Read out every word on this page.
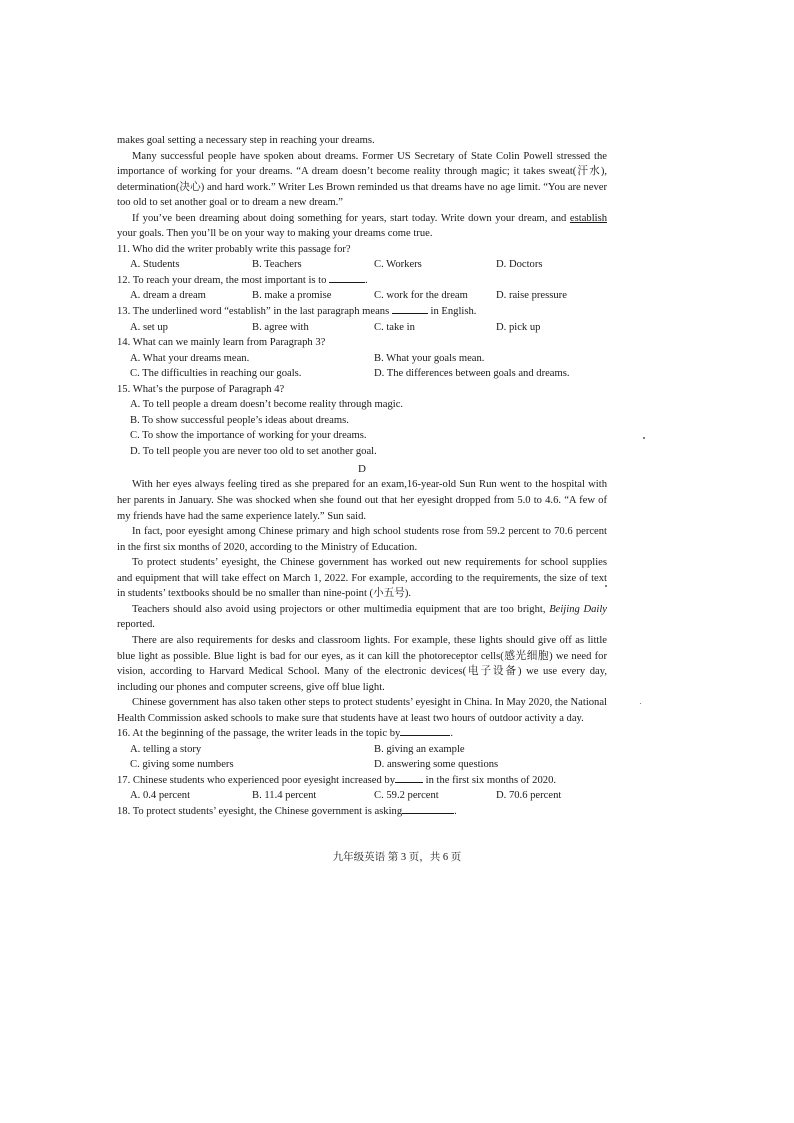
makes goal setting a necessary step in reaching your dreams.

Many successful people have spoken about dreams. Former US Secretary of State Colin Powell stressed the importance of working for your dreams. “A dream doesn’t become reality through magic; it takes sweat(汗水), determination(决心) and hard work.” Writer Les Brown reminded us that dreams have no age limit. “You are never too old to set another goal or to dream a new dream.”

If you’ve been dreaming about doing something for years, start today. Write down your dream, and establish your goals. Then you’ll be on your way to making your dreams come true.

11. Who did the writer probably write this passage for?

A. Students	B. Teachers	C. Workers	D. Doctors

12. To reach your dream, the most important is to	.

A. dream a dream	B. make a promise	C. work for the dream	D. raise pressure

13. The underlined word “establish” in the last paragraph means	in English.

A. set up	B. agree with	C. take in	D. pick up

14. What can we mainly learn from Paragraph 3?

A. What your dreams mean.	B. What your goals mean.
C. The difficulties in reaching our goals.	D. The differences between goals and dreams.

15. What’s the purpose of Paragraph 4?

A. To tell people a dream doesn’t become reality through magic.

B. To show successful people’s ideas about dreams.

C. To show the importance of working for your dreams.

D. To tell people you are never too old to set another goal.

D

With her eyes always feeling tired as she prepared for an exam,16-year-old Sun Run went to the hospital with her parents in January. She was shocked when she found out that her eyesight dropped from 5.0 to 4.6. “A few of my friends have had the same experience lately.” Sun said.

In fact, poor eyesight among Chinese primary and high school students rose from 59.2 percent to 70.6 percent in the first six months of 2020, according to the Ministry of Education.

To protect students’ eyesight, the Chinese government has worked out new requirements for school supplies and equipment that will take effect on March 1, 2022. For example, according to the requirements, the size of text in students’ textbooks should be no smaller than nine-point (小五号).

Teachers should also avoid using projectors or other multimedia equipment that are too bright, Beijing Daily reported.

There are also requirements for desks and classroom lights. For example, these lights should give off as little blue light as possible. Blue light is bad for our eyes, as it can kill the photoreceptor cells(感光细胞) we need for vision, according to Harvard Medical School. Many of the electronic devices(电子设备) we use every day, including our phones and computer screens, give off blue light.

Chinese government has also taken other steps to protect students’ eyesight in China. In May 2020, the National Health Commission asked schools to make sure that students have at least two hours of outdoor activity a day.

16. At the beginning of the passage, the writer leads in the topic by	.

A. telling a story	B. giving an example
C. giving some numbers	D. answering some questions

17. Chinese students who experienced poor eyesight increased by	in the first six months of 2020.

A. 0.4 percent	B. 11.4 percent	C. 59.2 percent	D. 70.6 percent

18. To protect students’ eyesight, the Chinese government is asking	.

九年级英语 第 3 页，共 6 页
